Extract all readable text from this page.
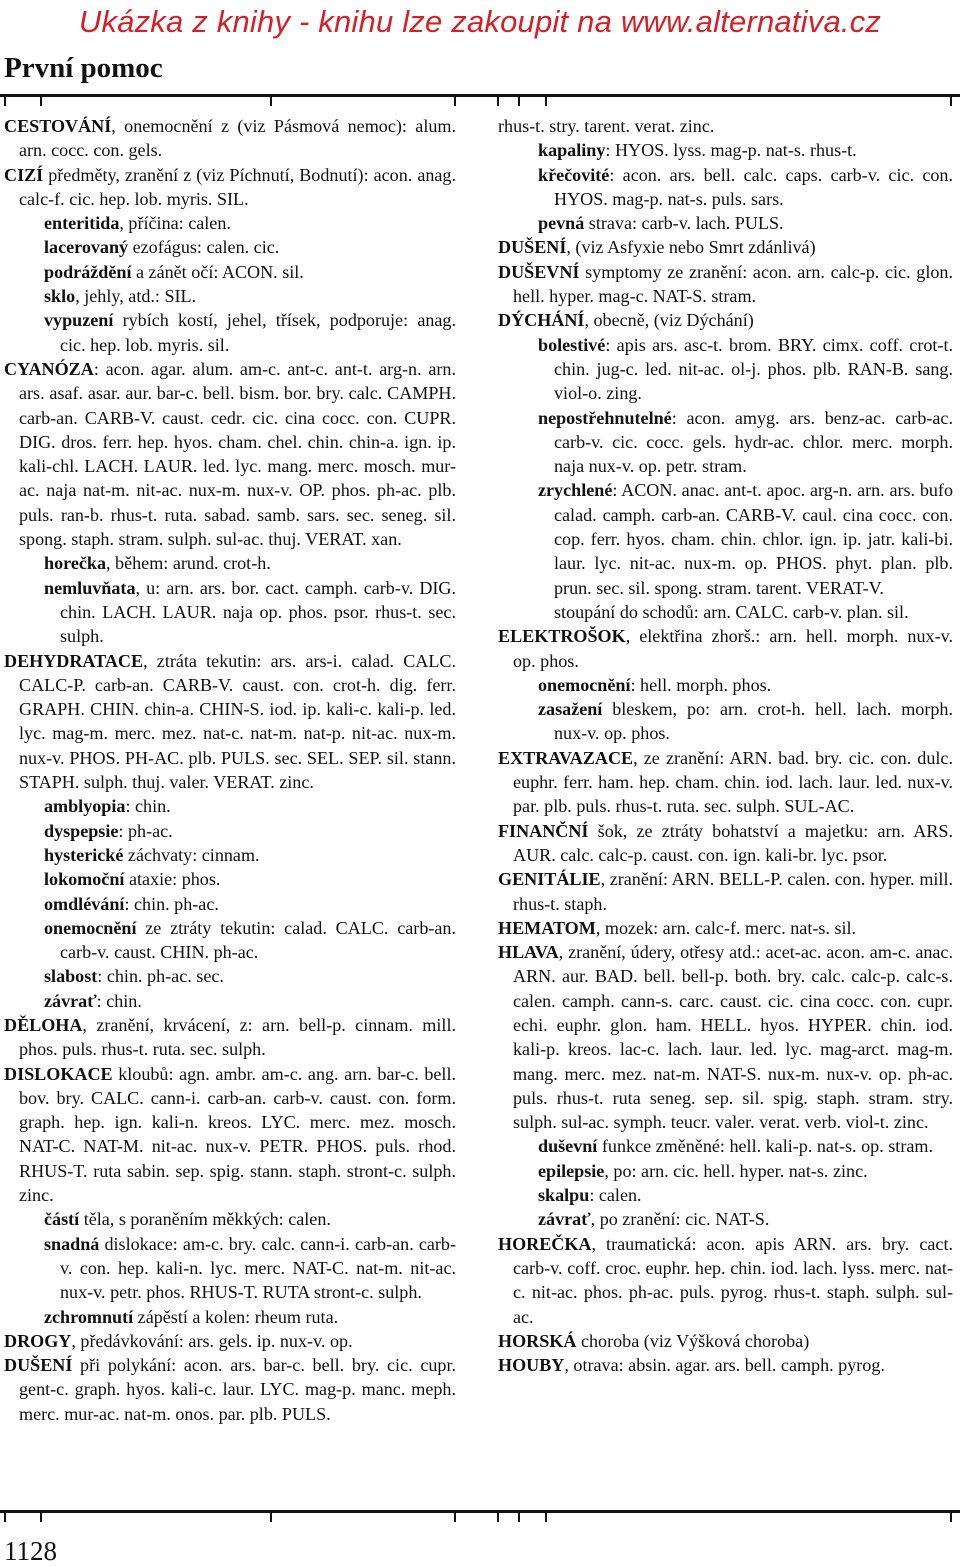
Ukázka z knihy - knihu lze zakoupit na www.alternativa.cz
První pomoc

CESTOVÁNÍ, onemocnění z (viz Pásmová nemoc): alum. arn. cocc. con. gels.

CIZÍ předměty, zranění z (viz Píchnutí, Bodnutí): acon. anag. calc-f. cic. hep. lob. myris. SIL.

enteritida, příčina: calen.

lacerovaný ezofágus: calen. cic.

podráždění a zánět očí: ACON. sil.

sklo, jehly, atd.: SIL.

vypuzení rybích kostí, jehel, třísek, podporuje: anag. cic. hep. lob. myris. sil.

CYANÓZA: acon. agar. alum. am-c. ant-c. ant-t. arg-n. arn. ars. asaf. asar. aur. bar-c. bell. bism. bor. bry. calc. CAMPH. carb-an. CARB-V. caust. cedr. cic. cina cocc. con. CUPR. DIG. dros. ferr. hep. hyos. cham. chel. chin. chin-a. ign. ip. kali-chl. LACH. LAUR. led. lyc. mang. merc. mosch. mur-ac. naja nat-m. nit-ac. nux-m. nux-v. OP. phos. ph-ac. plb. puls. ran-b. rhus-t. ruta. sabad. samb. sars. sec. seneg. sil. spong. staph. stram. sulph. sul-ac. thuj. VERAT. xan.

horečka, během: arund. crot-h.

nemluvňata, u: arn. ars. bor. cact. camph. carb-v. DIG. chin. LACH. LAUR. naja op. phos. psor. rhus-t. sec. sulph.

DEHYDRATACE, ztráta tekutin: ars. ars-i. calad. CALC. CALC-P. carb-an. CARB-V. caust. con. crot-h. dig. ferr. GRAPH. CHIN. chin-a. CHIN-S. iod. ip. kali-c. kali-p. led. lyc. mag-m. merc. mez. nat-c. nat-m. nat-p. nit-ac. nux-m. nux-v. PHOS. PH-AC. plb. PULS. sec. SEL. SEP. sil. stann. STAPH. sulph. thuj. valer. VERAT. zinc.

amblyopia: chin.

dyspepsie: ph-ac.

hysterické záchvaty: cinnam.

lokomoční ataxie: phos.

omdlévání: chin. ph-ac.

onemocnění ze ztráty tekutin: calad. CALC. carb-an. carb-v. caust. CHIN. ph-ac.

slabost: chin. ph-ac. sec.

závrať: chin.

DĚLOHA, zranění, krvácení, z: arn. bell-p. cinnam. mill. phos. puls. rhus-t. ruta. sec. sulph.

DISLOKACE kloubů: agn. ambr. am-c. ang. arn. bar-c. bell. bov. bry. CALC. cann-i. carb-an. carb-v. caust. con. form. graph. hep. ign. kali-n. kreos. LYC. merc. mez. mosch. NAT-C. NAT-M. nit-ac. nux-v. PETR. PHOS. puls. rhod. RHUS-T. ruta sabin. sep. spig. stann. staph. stront-c. sulph. zinc.

částí těla, s poraněním měkkých: calen.

snadná dislokace: am-c. bry. calc. cann-i. carb-an. carb-v. con. hep. kali-n. lyc. merc. NAT-C. nat-m. nit-ac. nux-v. petr. phos. RHUS-T. RUTA stront-c. sulph.

zchromnutí zápěstí a kolen: rheum ruta.

DROGY, předávkování: ars. gels. ip. nux-v. op.

DUŠENÍ při polykání: acon. ars. bar-c. bell. bry. cic. cupr. gent-c. graph. hyos. kali-c. laur. LYC. mag-p. manc. meph. merc. mur-ac. nat-m. onos. par. plb. PULS.

rhus-t. stry. tarent. verat. zinc.

kapaliny: HYOS. lyss. mag-p. nat-s. rhus-t.

křečovité: acon. ars. bell. calc. caps. carb-v. cic. con. HYOS. mag-p. nat-s. puls. sars.

pevná strava: carb-v. lach. PULS.

DUŠENÍ, (viz Asfyxie nebo Smrt zdánlivá)

DUŠEVNÍ symptomy ze zranění: acon. arn. calc-p. cic. glon. hell. hyper. mag-c. NAT-S. stram.

DÝCHÁNÍ, obecně, (viz Dýchání)

bolestivé: apis ars. asc-t. brom. BRY. cimx. coff. crot-t. chin. jug-c. led. nit-ac. ol-j. phos. plb. RAN-B. sang. viol-o. zing.

nepostřehnutelné: acon. amyg. ars. benz-ac. carb-ac. carb-v. cic. cocc. gels. hydr-ac. chlor. merc. morph. naja nux-v. op. petr. stram.

zrychlené: ACON. anac. ant-t. apoc. arg-n. arn. ars. bufo calad. camph. carb-an. CARB-V. caul. cina cocc. con. cop. ferr. hyos. cham. chin. chlor. ign. ip. jatr. kali-bi. laur. lyc. nit-ac. nux-m. op. PHOS. phyt. plan. plb. prun. sec. sil. spong. stram. tarent. VERAT-V.

stoupání do schodů: arn. CALC. carb-v. plan. sil.

ELEKTROŠOK, elektřina zhorš.: arn. hell. morph. nux-v. op. phos.

onemocnění: hell. morph. phos.

zasažení bleskem, po: arn. crot-h. hell. lach. morph. nux-v. op. phos.

EXTRAVAZACE, ze zranění: ARN. bad. bry. cic. con. dulc. euphr. ferr. ham. hep. cham. chin. iod. lach. laur. led. nux-v. par. plb. puls. rhus-t. ruta. sec. sulph. SUL-AC.

FINANČNÍ šok, ze ztráty bohatství a majetku: arn. ARS. AUR. calc. calc-p. caust. con. ign. kali-br. lyc. psor.

GENITÁLIE, zranění: ARN. BELL-P. calen. con. hyper. mill. rhus-t. staph.

HEMATOM, mozek: arn. calc-f. merc. nat-s. sil.

HLAVA, zranění, údery, otřesy atd.: acet-ac. acon. am-c. anac. ARN. aur. BAD. bell. bell-p. both. bry. calc. calc-p. calc-s. calen. camph. cann-s. carc. caust. cic. cina cocc. con. cupr. echi. euphr. glon. ham. HELL. hyos. HYPER. chin. iod. kali-p. kreos. lac-c. lach. laur. led. lyc. mag-arct. mag-m. mang. merc. mez. nat-m. NAT-S. nux-m. nux-v. op. ph-ac. puls. rhus-t. ruta seneg. sep. sil. spig. staph. stram. stry. sulph. sul-ac. symph. teucr. valer. verat. verb. viol-t. zinc.

duševní funkce změněné: hell. kali-p. nat-s. op. stram.

epilepsie, po: arn. cic. hell. hyper. nat-s. zinc.

skalpu: calen.

závrať, po zranění: cic. NAT-S.

HOREČKA, traumatická: acon. apis ARN. ars. bry. cact. carb-v. coff. croc. euphr. hep. chin. iod. lach. lyss. merc. nat-c. nit-ac. phos. ph-ac. puls. pyrog. rhus-t. staph. sulph. sul-ac.

HORSKÁ choroba (viz Výšková choroba)

HOUBY, otrava: absin. agar. ars. bell. camph. pyrog.

1128
